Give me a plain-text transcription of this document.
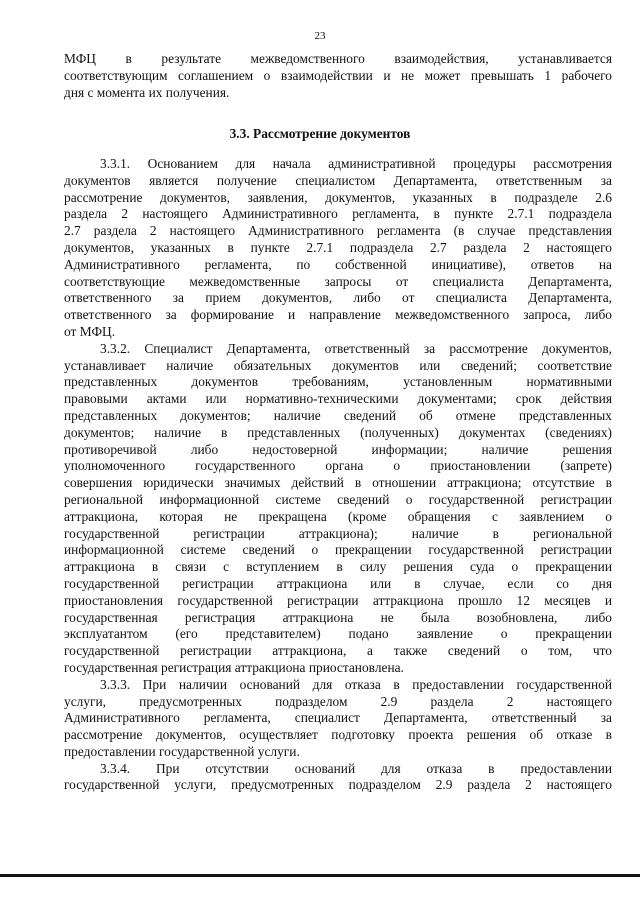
23
МФЦ в результате межведомственного взаимодействия, устанавливается
соответствующим соглашением о взаимодействии и не может превышать 1 рабочего
дня с момента их получения.
3.3. Рассмотрение документов
3.3.1. Основанием для начала административной процедуры рассмотрения
документов является получение специалистом Департамента, ответственным за
рассмотрение документов, заявления, документов, указанных в подразделе 2.6
раздела 2 настоящего Административного регламента, в пункте 2.7.1 подраздела
2.7 раздела 2 настоящего Административного регламента (в случае представления
документов, указанных в пункте 2.7.1 подраздела 2.7 раздела 2 настоящего
Административного регламента, по собственной инициативе), ответов на
соответствующие межведомственные запросы от специалиста Департамента,
ответственного за прием документов, либо от специалиста Департамента,
ответственного за формирование и направление межведомственного запроса, либо
от МФЦ.
3.3.2. Специалист Департамента, ответственный за рассмотрение документов,
устанавливает наличие обязательных документов или сведений; соответствие
представленных документов требованиям, установленным нормативными
правовыми актами или нормативно-техническими документами; срок действия
представленных документов; наличие сведений об отмене представленных
документов; наличие в представленных (полученных) документах (сведениях)
противоречивой либо недостоверной информации; наличие решения
уполномоченного государственного органа о приостановлении (запрете)
совершения юридически значимых действий в отношении аттракциона; отсутствие в
региональной информационной системе сведений о государственной регистрации
аттракциона, которая не прекращена (кроме обращения с заявлением о
государственной регистрации аттракциона); наличие в региональной
информационной системе сведений о прекращении государственной регистрации
аттракциона в связи с вступлением в силу решения суда о прекращении
государственной регистрации аттракциона или в случае, если со дня
приостановления государственной регистрации аттракциона прошло 12 месяцев и
государственная регистрация аттракциона не была возобновлена, либо
эксплуатантом (его представителем) подано заявление о прекращении
государственной регистрации аттракциона, а также сведений о том, что
государственная регистрация аттракциона приостановлена.
3.3.3. При наличии оснований для отказа в предоставлении государственной
услуги, предусмотренных подразделом 2.9 раздела 2 настоящего
Административного регламента, специалист Департамента, ответственный за
рассмотрение документов, осуществляет подготовку проекта решения об отказе в
предоставлении государственной услуги.
3.3.4. При отсутствии оснований для отказа в предоставлении
государственной услуги, предусмотренных подразделом 2.9 раздела 2 настоящего
